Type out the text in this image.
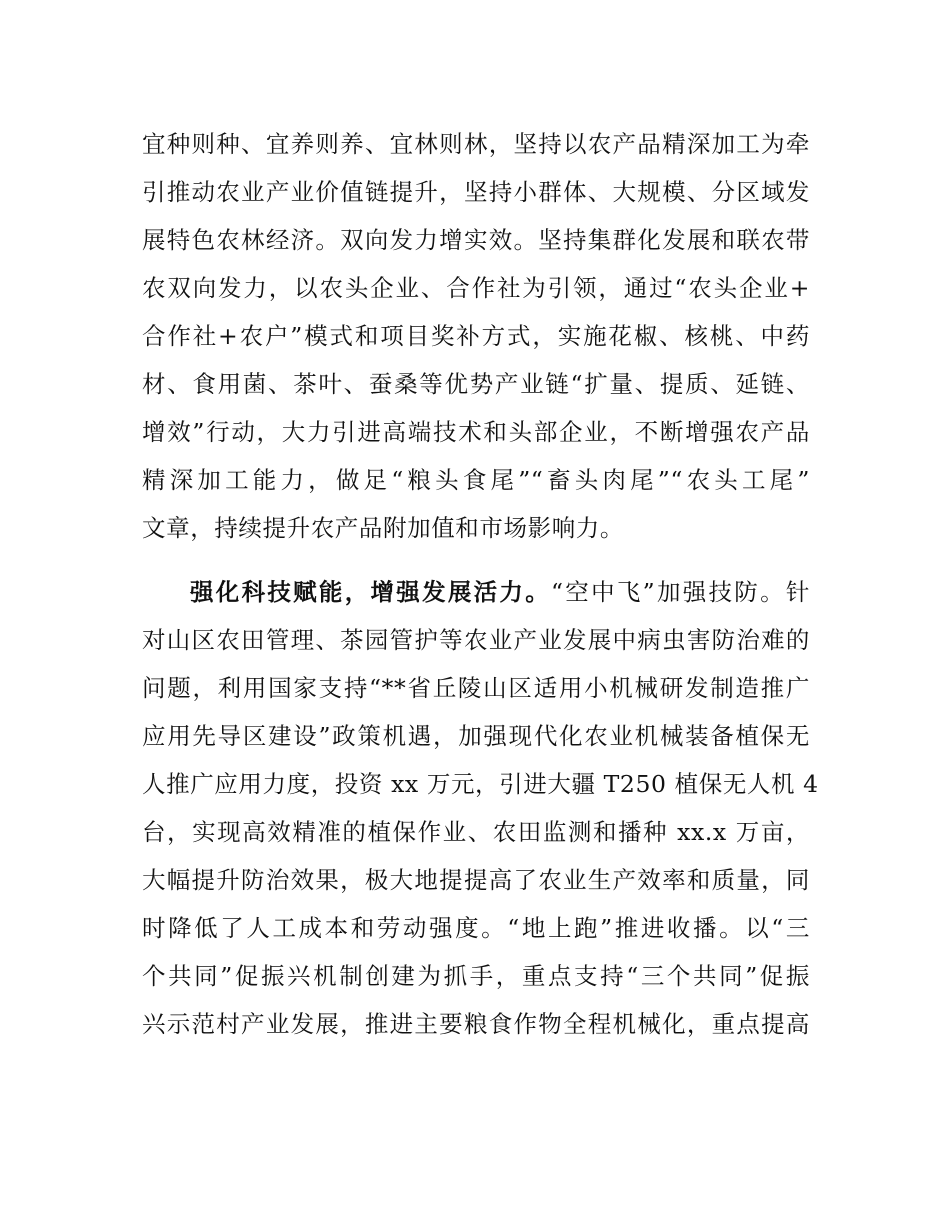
宜种则种、宜养则养、宜林则林，坚持以农产品精深加工为牵
引推动农业产业价值链提升，坚持小群体、大规模、分区域发
展特色农林经济。双向发力增实效。坚持集群化发展和联农带
农双向发力，以农头企业、合作社为引领，通过“农头企业+
合作社+农户”模式和项目奖补方式，实施花椒、核桃、中药
材、食用菌、茶叶、蚕桑等优势产业链“扩量、提质、延链、
增效”行动，大力引进高端技术和头部企业，不断增强农产品
精深加工能力，做足“粮头食尾”“畜头肉尾”“农头工尾”
文章，持续提升农产品附加值和市场影响力。
强化科技赋能，增强发展活力。“空中飞”加强技防。针
对山区农田管理、茶园管护等农业产业发展中病虫害防治难的
问题，利用国家支持“**省丘陵山区适用小机械研发制造推广
应用先导区建设”政策机遇，加强现代化农业机械装备植保无
人推广应用力度，投资 xx 万元，引进大疆 T250 植保无人机 4
台，实现高效精准的植保作业、农田监测和播种 xx.x 万亩，
大幅提升防治效果，极大地提提高了农业生产效率和质量，同
时降低了人工成本和劳动强度。“地上跑”推进收播。以“三
个共同”促振兴机制创建为抓手，重点支持“三个共同”促振
兴示范村产业发展，推进主要粮食作物全程机械化，重点提高
